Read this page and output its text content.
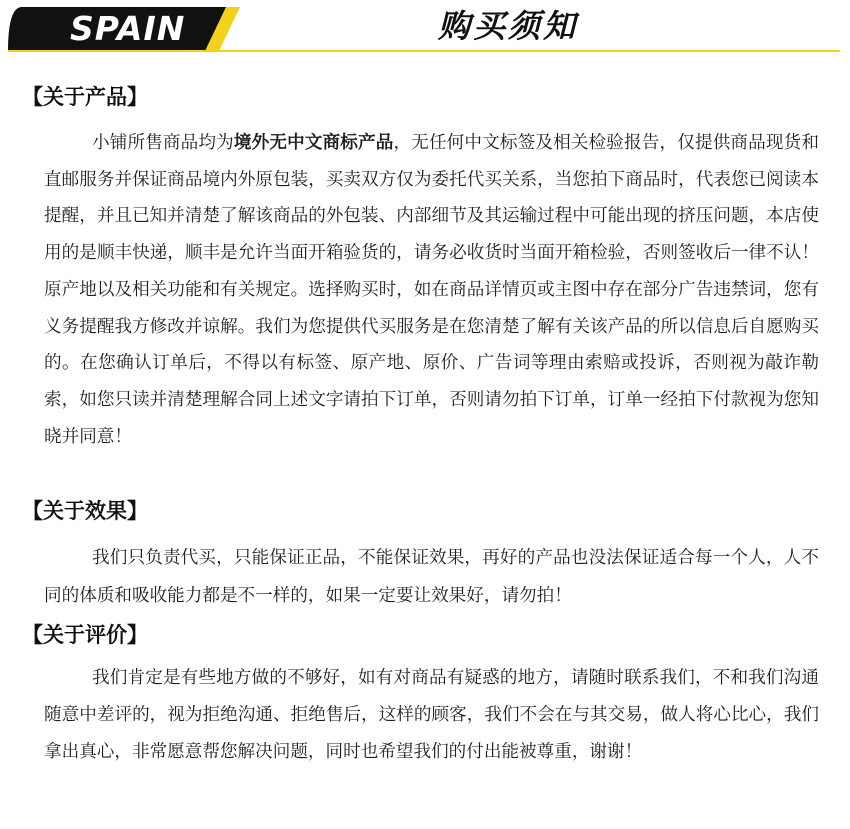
SPAIN	购买须知
【关于产品】

小铺所售商品均为境外无中文商标产品，无任何中文标签及相关检验报告，仅提供商品现货和直邮服务并保证商品境内外原包装，买卖双方仅为委托代买关系，当您拍下商品时，代表您已阅读本提醒，并且已知并清楚了解该商品的外包装、内部细节及其运输过程中可能出现的挤压问题，本店使用的是顺丰快递，顺丰是允许当面开箱验货的，请务必收货时当面开箱检验，否则签收后一律不认！原产地以及相关功能和有关规定。选择购买时，如在商品详情页或主图中存在部分广告违禁词，您有义务提醒我方修改并谅解。我们为您提供代买服务是在您清楚了解有关该产品的所以信息后自愿购买的。在您确认订单后，不得以有标签、原产地、原价、广告词等理由索赔或投诉，否则视为敲诈勒索，如您只读并清楚理解合同上述文字请拍下订单，否则请勿拍下订单，订单一经拍下付款视为您知晓并同意！

【关于效果】

我们只负责代买，只能保证正品，不能保证效果，再好的产品也没法保证适合每一个人，人不同的体质和吸收能力都是不一样的，如果一定要让效果好，请勿拍！

【关于评价】

我们肯定是有些地方做的不够好，如有对商品有疑惑的地方，请随时联系我们，不和我们沟通随意中差评的，视为拒绝沟通、拒绝售后，这样的顾客，我们不会在与其交易，做人将心比心，我们拿出真心，非常愿意帮您解决问题，同时也希望我们的付出能被尊重，谢谢！
